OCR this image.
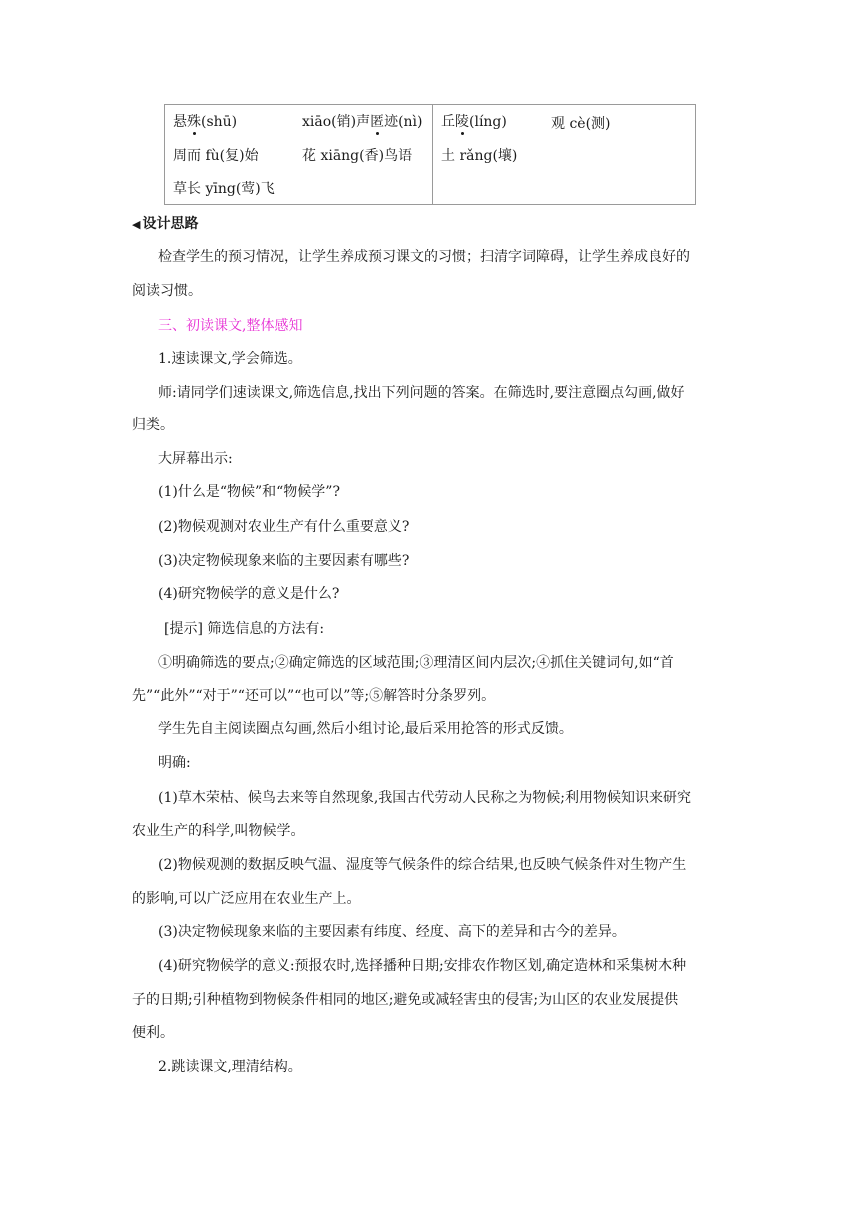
悬殊(shū)
周而 fù(复)始
草长 yīng(莺)飞
xiāo(销)声匿迹(nì)
花 xiāng(香)鸟语
丘陵(líng)
土 rǎng(壤)
观 cè(测)
◀ 设计思路
检查学生的预习情况，让学生养成预习课文的习惯；扫清字词障碍，让学生养成良好的
阅读习惯。
三、初读课文,整体感知
1.速读课文,学会筛选。
师:请同学们速读课文,筛选信息,找出下列问题的答案。在筛选时,要注意圈点勾画,做好
归类。
大屏幕出示:
(1)什么是“物候”和“物候学”?
(2)物候观测对农业生产有什么重要意义?
(3)决定物候现象来临的主要因素有哪些?
(4)研究物候学的意义是什么?
[提示] 筛选信息的方法有:
①明确筛选的要点;②确定筛选的区域范围;③理清区间内层次;④抓住关键词句,如“首
先”“此外”“对于”“还可以”“也可以”等;⑤解答时分条罗列。
学生先自主阅读圈点勾画,然后小组讨论,最后采用抢答的形式反馈。
明确:
(1)草木荣枯、候鸟去来等自然现象,我国古代劳动人民称之为物候;利用物候知识来研究
农业生产的科学,叫物候学。
(2)物候观测的数据反映气温、湿度等气候条件的综合结果,也反映气候条件对生物产生
的影响,可以广泛应用在农业生产上。
(3)决定物候现象来临的主要因素有纬度、经度、高下的差异和古今的差异。
(4)研究物候学的意义:预报农时,选择播种日期;安排农作物区划,确定造林和采集树木种
子的日期;引种植物到物候条件相同的地区;避免或减轻害虫的侵害;为山区的农业发展提供
便利。
2.跳读课文,理清结构。
